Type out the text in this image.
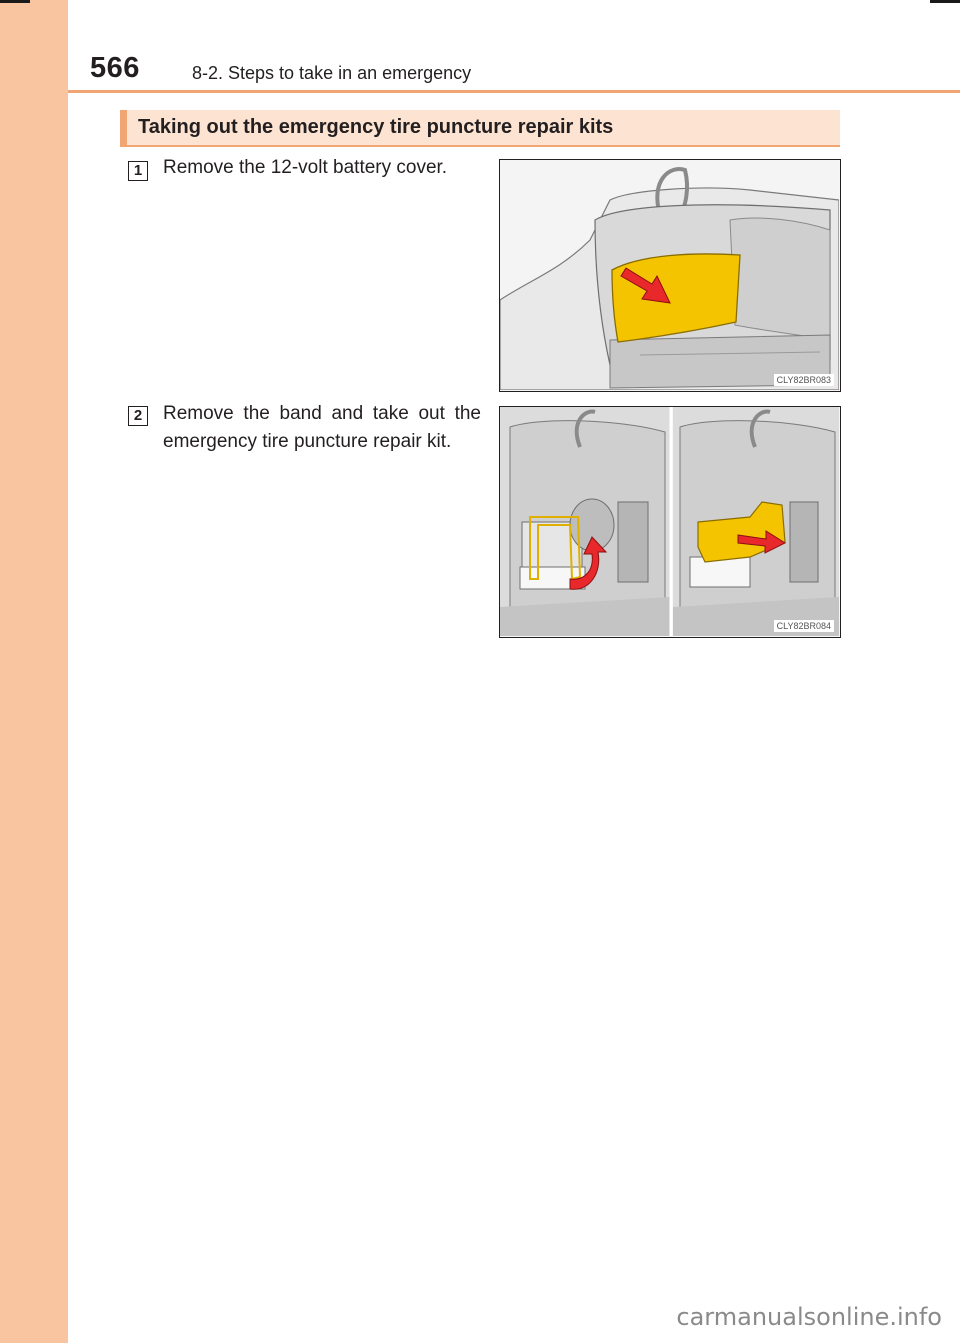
566	8-2. Steps to take in an emergency
Taking out the emergency tire puncture repair kits
1	Remove the 12-volt battery cover.
CLY82BR083
2	Remove the band and take out the emergency tire puncture repair kit.
CLY82BR084
carmanualsonline.info
